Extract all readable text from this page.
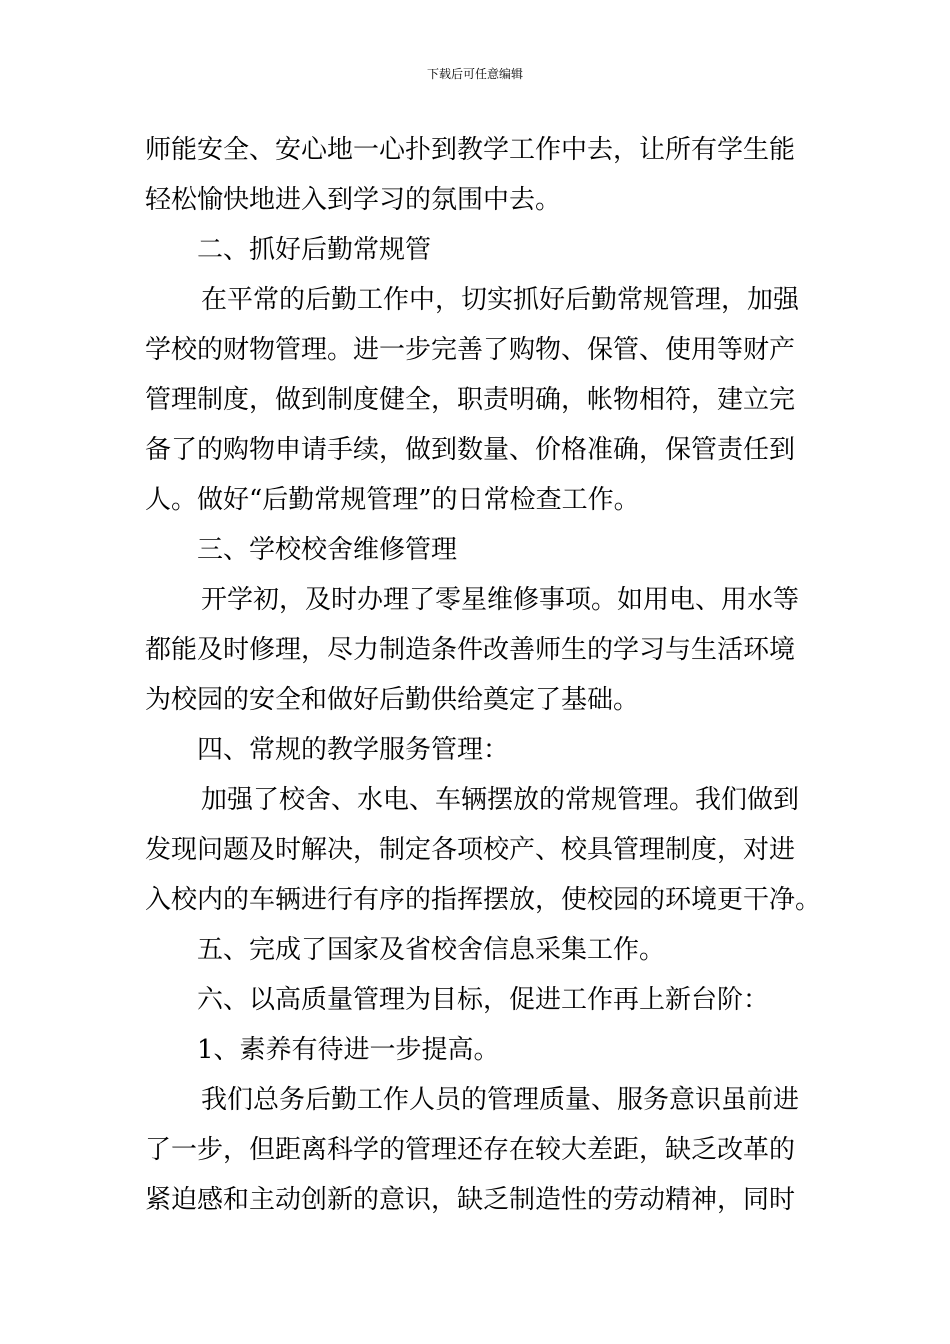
下载后可任意编辑
师能安全、安心地一心扑到教学工作中去，让所有学生能
轻松愉快地进入到学习的氛围中去。
二、抓好后勤常规管
在平常的后勤工作中，切实抓好后勤常规管理，加强
学校的财物管理。进一步完善了购物、保管、使用等财产
管理制度，做到制度健全，职责明确，帐物相符，建立完
备了的购物申请手续，做到数量、价格准确，保管责任到
人。做好“后勤常规管理”的日常检查工作。
三、学校校舍维修管理
开学初，及时办理了零星维修事项。如用电、用水等
都能及时修理，尽力制造条件改善师生的学习与生活环境
为校园的安全和做好后勤供给奠定了基础。
四、常规的教学服务管理：
加强了校舍、水电、车辆摆放的常规管理。我们做到
发现问题及时解决，制定各项校产、校具管理制度，对进
入校内的车辆进行有序的指挥摆放，使校园的环境更干净。
五、完成了国家及省校舍信息采集工作。
六、以高质量管理为目标，促进工作再上新台阶：
1、素养有待进一步提高。
我们总务后勤工作人员的管理质量、服务意识虽前进
了一步，但距离科学的管理还存在较大差距，缺乏改革的
紧迫感和主动创新的意识，缺乏制造性的劳动精神，同时
